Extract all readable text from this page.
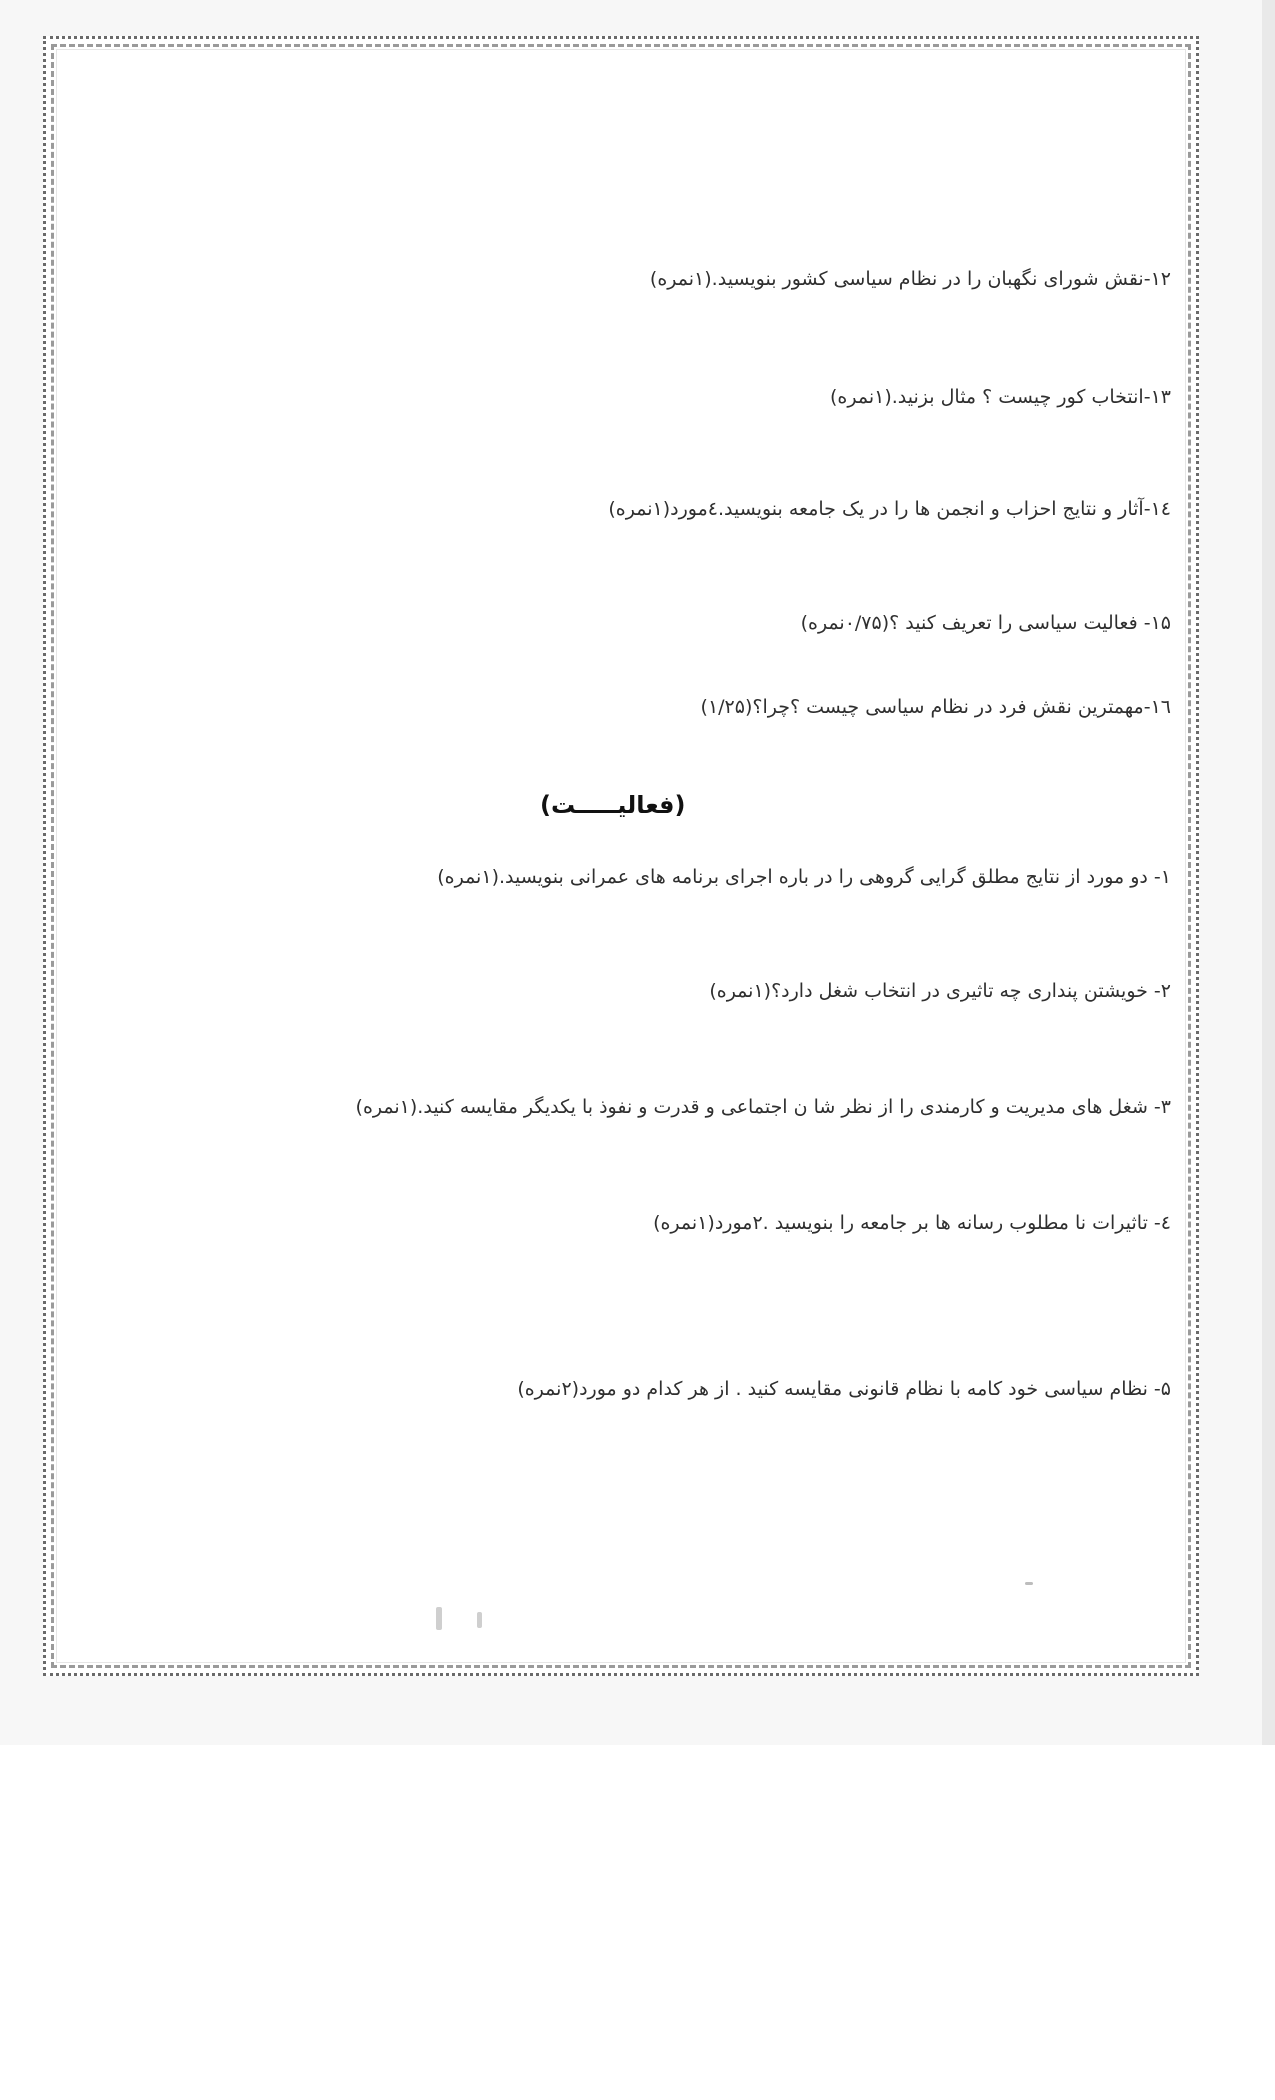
۱۲-نقش شورای نگهبان را در نظام سیاسی کشور بنویسید.(۱نمره)
۱۳-انتخاب کور چیست ؟ مثال بزنید.(۱نمره)
۱٤-آثار و نتایج احزاب و انجمن ها را در یک جامعه بنویسید.٤مورد(۱نمره)
۱۵- فعالیت سیاسی را تعریف کنید ؟(۰/۷۵نمره)
۱٦-مهمترین نقش فرد در نظام سیاسی چیست ؟چرا؟(۱/۲۵)
(فعالیـــــت)
۱- دو مورد از نتایج مطلق گرایی گروهی را در باره اجرای برنامه های عمرانی بنویسید.(۱نمره)
۲- خویشتن پنداری چه تاثیری در انتخاب شغل دارد؟(۱نمره)
۳- شغل های مدیریت و کارمندی را از نظر شا ن اجتماعی و قدرت و نفوذ با یکدیگر مقایسه کنید.(۱نمره)
٤- تاثیرات نا مطلوب رسانه ها بر جامعه را بنویسید .۲مورد(۱نمره)
۵- نظام سیاسی خود کامه با نظام قانونی مقایسه کنید . از هر کدام دو مورد(۲نمره)
